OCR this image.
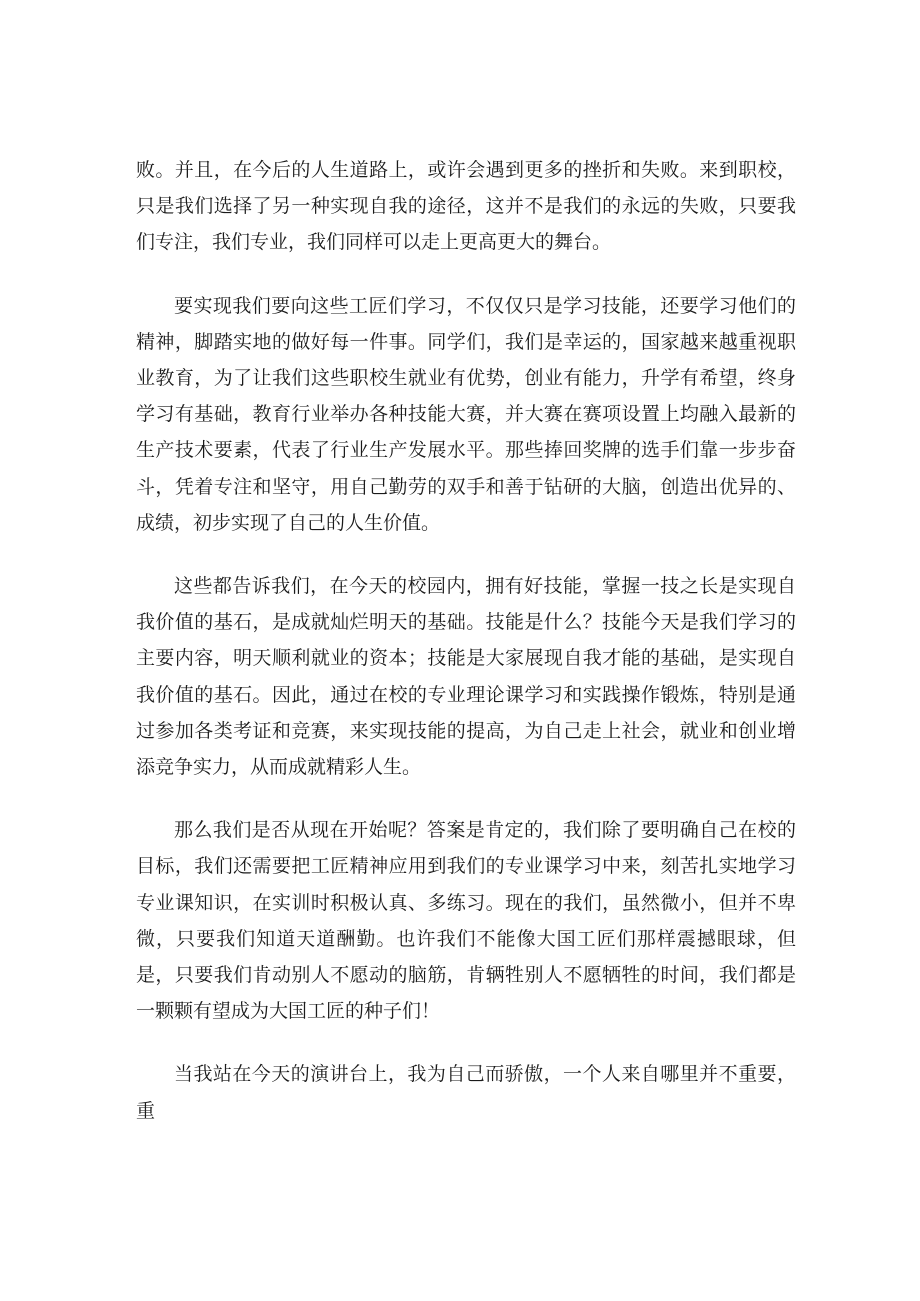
败。并且，在今后的人生道路上，或许会遇到更多的挫折和失败。来到职校，只是我们选择了另一种实现自我的途径，这并不是我们的永远的失败，只要我们专注，我们专业，我们同样可以走上更高更大的舞台。

要实现我们要向这些工匠们学习，不仅仅只是学习技能，还要学习他们的精神，脚踏实地的做好每一件事。同学们，我们是幸运的，国家越来越重视职业教育，为了让我们这些职校生就业有优势，创业有能力，升学有希望，终身学习有基础，教育行业举办各种技能大赛，并大赛在赛项设置上均融入最新的生产技术要素，代表了行业生产发展水平。那些捧回奖牌的选手们靠一步步奋斗，凭着专注和坚守，用自己勤劳的双手和善于钻研的大脑，创造出优异的、成绩，初步实现了自己的人生价值。

这些都告诉我们，在今天的校园内，拥有好技能，掌握一技之长是实现自我价值的基石，是成就灿烂明天的基础。技能是什么？技能今天是我们学习的主要内容，明天顺利就业的资本；技能是大家展现自我才能的基础，是实现自我价值的基石。因此，通过在校的专业理论课学习和实践操作锻炼，特别是通过参加各类考证和竞赛，来实现技能的提高，为自己走上社会，就业和创业增添竞争实力，从而成就精彩人生。

那么我们是否从现在开始呢？答案是肯定的，我们除了要明确自己在校的目标，我们还需要把工匠精神应用到我们的专业课学习中来，刻苦扎实地学习专业课知识，在实训时积极认真、多练习。现在的我们，虽然微小，但并不卑微，只要我们知道天道酬勤。也许我们不能像大国工匠们那样震撼眼球，但是，只要我们肯动别人不愿动的脑筋，肯辆牲别人不愿牺牲的时间，我们都是一颗颗有望成为大国工匠的种子们！

当我站在今天的演讲台上，我为自己而骄傲，一个人来自哪里并不重要，重
